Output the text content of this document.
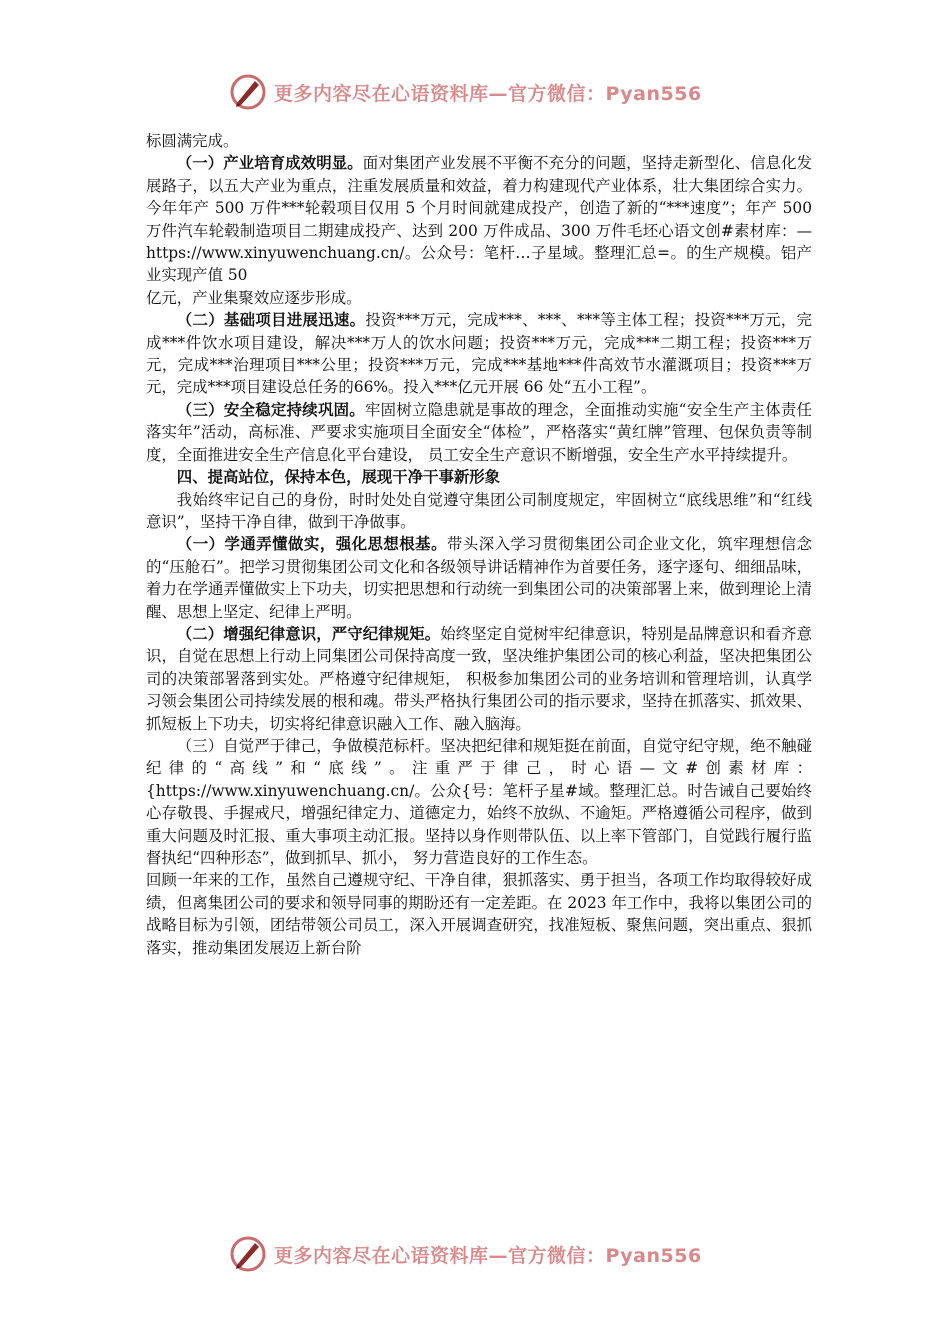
更多内容尽在心语资料库—官方微信：Pyan556

标圆满完成。

（一）产业培育成效明显。面对集团产业发展不平衡不充分的问题，坚持走新型化、信息化发展路子，以五大产业为重点，注重发展质量和效益，着力构建现代产业体系，壮大集团综合实力。今年年产 500 万件***轮毂项目仅用 5 个月时间就建成投产，创造了新的“***速度”；年产 500 万件汽车轮毂制造项目二期建成投产、达到 200 万件成品、300 万件毛坯心语文创#素材库：—https://www.xinyuwenchuang.cn/。公众号：笔杆…子星域。整理汇总=。的生产规模。铝产业实现产值 50

亿元，产业集聚效应逐步形成。

（二）基础项目进展迅速。投资***万元，完成***、***、***等主体工程；投资***万元，完成***件饮水项目建设，解决***万人的饮水问题；投资***万元，完成***二期工程；投资***万元，完成***治理项目***公里；投资***万元，完成***基地***件高效节水灌溉项目；投资***万元，完成***项目建设总任务的66%。投入***亿元开展 66 处“五小工程”。

（三）安全稳定持续巩固。牢固树立隐患就是事故的理念，全面推动实施“安全生产主体责任落实年”活动，高标准、严要求实施项目全面安全“体检”，严格落实“黄红牌”管理、包保负责等制度，全面推进安全生产信息化平台建设， 员工安全生产意识不断增强，安全生产水平持续提升。

四、提高站位，保持本色，展现干净干事新形象

我始终牢记自己的身份，时时处处自觉遵守集团公司制度规定，牢固树立“底线思维”和“红线意识”，坚持干净自律，做到干净做事。

（一）学通弄懂做实，强化思想根基。带头深入学习贯彻集团公司企业文化，筑牢理想信念的“压舱石”。把学习贯彻集团公司文化和各级领导讲话精神作为首要任务，逐字逐句、细细品味，着力在学通弄懂做实上下功夫，切实把思想和行动统一到集团公司的决策部署上来，做到理论上清醒、思想上坚定、纪律上严明。

（二）增强纪律意识，严守纪律规矩。始终坚定自觉树牢纪律意识，特别是品牌意识和看齐意识，自觉在思想上行动上同集团公司保持高度一致，坚决维护集团公司的核心利益，坚决把集团公司的决策部署落到实处。严格遵守纪律规矩， 积极参加集团公司的业务培训和管理培训，认真学习领会集团公司持续发展的根和魂。带头严格执行集团公司的指示要求，坚持在抓落实、抓效果、抓短板上下功夫，切实将纪律意识融入工作、融入脑海。

（三）自觉严于律己，争做模范标杆。坚决把纪律和规矩挺在前面，自觉守纪守规，绝不触碰纪律的“高线”和“底线”。注重严于律己，时心语—文#创素材库：{https://www.xinyuwenchuang.cn/。公众{号：笔杆子星#域。整理汇总。时告诫自己要始终心存敬畏、手握戒尺，增强纪律定力、道德定力，始终不放纵、不逾矩。严格遵循公司程序，做到重大问题及时汇报、重大事项主动汇报。坚持以身作则带队伍、以上率下管部门，自觉践行履行监督执纪“四种形态”，做到抓早、抓小， 努力营造良好的工作生态。

回顾一年来的工作，虽然自己遵规守纪、干净自律，狠抓落实、勇于担当，各项工作均取得较好成绩，但离集团公司的要求和领导同事的期盼还有一定差距。在 2023 年工作中，我将以集团公司的战略目标为引领，团结带领公司员工，深入开展调查研究，找准短板、聚焦问题，突出重点、狠抓落实，推动集团发展迈上新台阶

更多内容尽在心语资料库—官方微信：Pyan556
